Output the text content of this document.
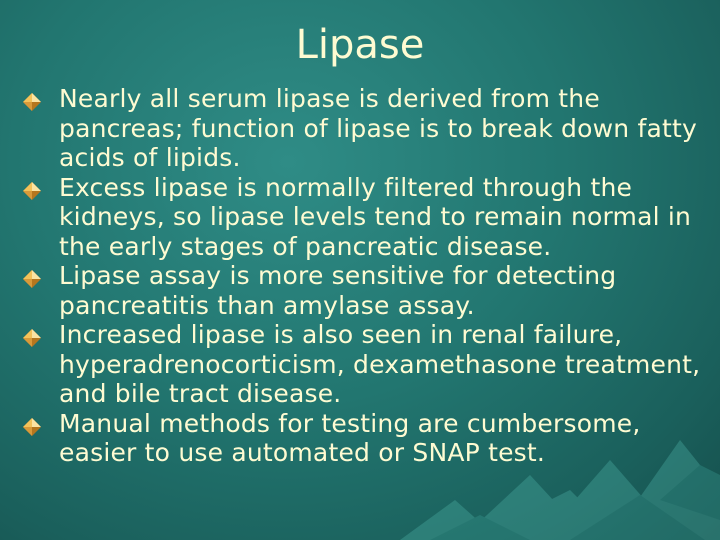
Lipase
Nearly all serum lipase is derived from the pancreas; function of lipase is to break down fatty acids of lipids.
Excess lipase is normally filtered through the kidneys, so lipase levels tend to remain normal in the early stages of pancreatic disease.
Lipase assay is more sensitive for detecting pancreatitis than amylase assay.
Increased lipase is also seen in renal failure, hyperadrenocorticism, dexamethasone treatment, and bile tract disease.
Manual methods for testing are cumbersome, easier to use automated or SNAP test.
